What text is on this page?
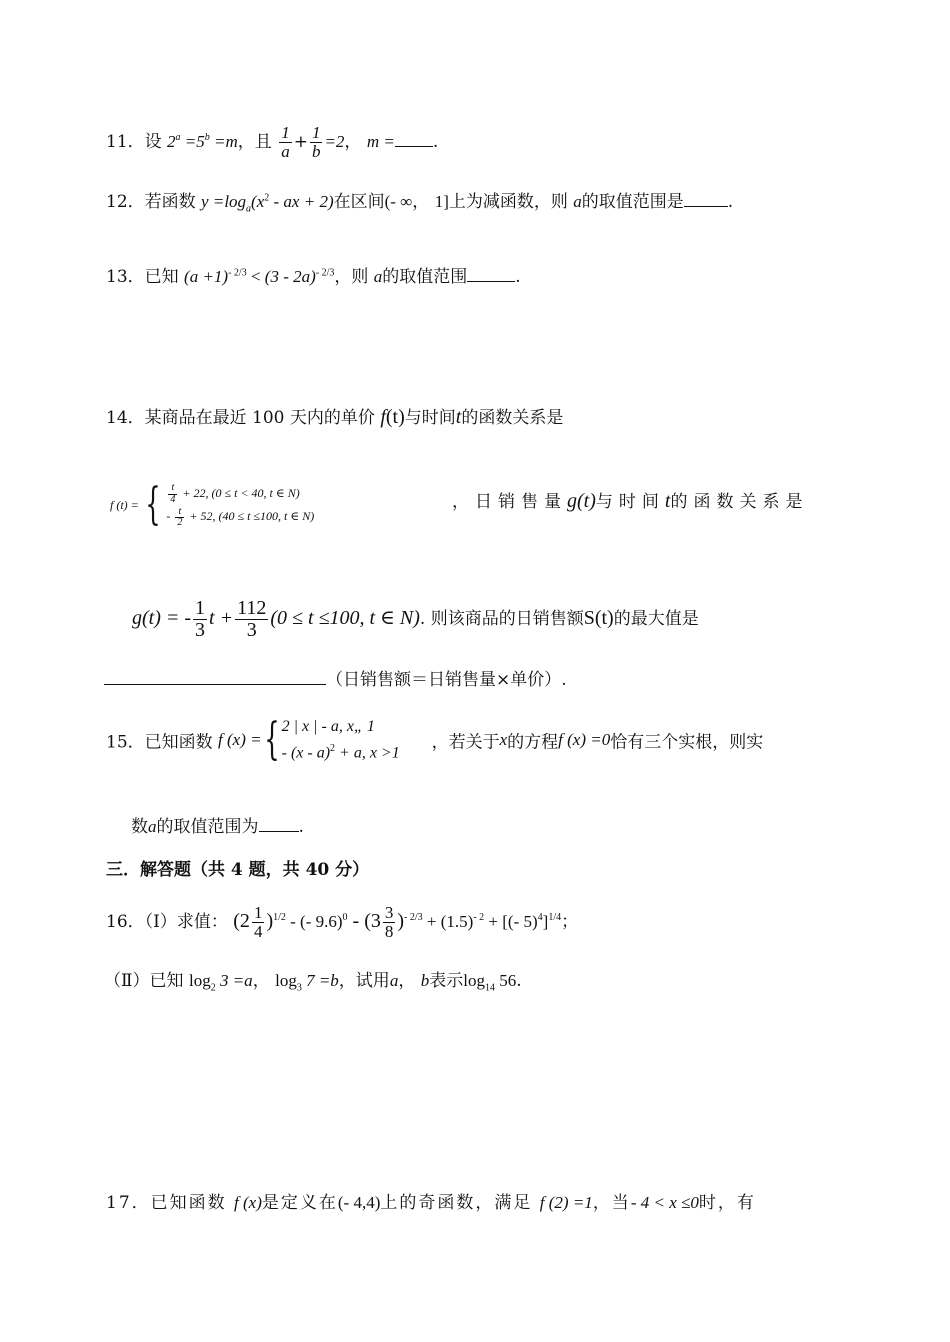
11．设 $2^a =5^b =m$，且 $\frac{1}{a} + \frac{1}{b} =2$， m = .
12．若函数 $y =\log_a(x^2$ - ax + 2)在区间(- ∞， 1]上为减函数，则 a的取值范围是	.
13．已知 $(a +1)^{- 2/3} < (3 - 2a)^{- 2/3}$，则 a的取值范围	.
14．某商品在最近 100 天内的单价 f(t)与时间t的函数关系是
f (t) = { $\frac{t}{4} + 22$, (0 ≤ t < 40, t ∈ N)
- $\frac{t}{2} + 52$, (40 ≤ t ≤100, t ∈ N)
，日销售量g(t)与时间t的函数关系是
g(t) = - $\frac{1}{3}$ $t + \frac{112}{3} (0 \le t \le 100$, t ∈ N). 则该商品的日销售额S(t)的最大值是
（日销售额＝日销售量×单价）.
15．已知函数 f (x) ={ 2 | x | - a, x„ 1
- (x - a)$^2$ + a, x >1
，若关于x的方程f (x) =0恰有三个实根，则实
数a的取值范围为 .
三．解答题（共 4 题，共 40 分）
16．（Ⅰ）求值： $(2 \frac{1}{4} )^{1/2}$ - (- $9.6)^0 - (3 \frac{3}{8} )^{- 2/3} + (1.5)^{- 2}$ + [(- 5)$^4$]$^{1/4}$；
（Ⅱ）已知 $\log_2 3 =a$， $\log_3 7 =b$，试用a， b表示$\log_{14} 56$.
17．已知函数 f (x)是定义在(- 4,4)上的奇函数，满足 f (2) =1，当- 4 < x ≤0时，有
